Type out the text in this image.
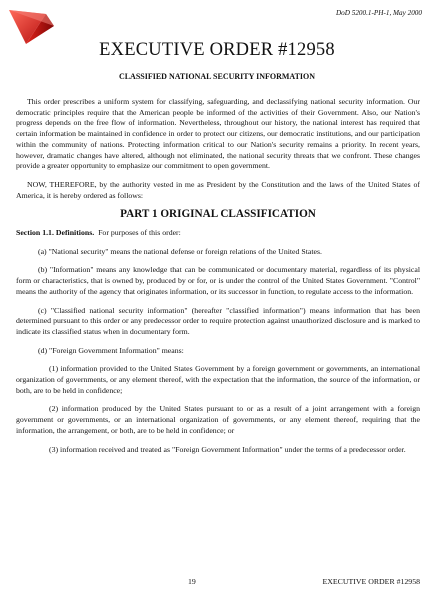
DoD 5200.1-PH-1, May 2000
EXECUTIVE ORDER #12958
CLASSIFIED NATIONAL SECURITY INFORMATION

This order prescribes a uniform system for classifying, safeguarding, and declassifying national security information. Our democratic principles require that the American people be informed of the activities of their Government. Also, our Nation's progress depends on the free flow of information. Nevertheless, throughout our history, the national interest has required that certain information be maintained in confidence in order to protect our citizens, our democratic institutions, and our participation within the community of nations. Protecting information critical to our Nation's security remains a priority. In recent years, however, dramatic changes have altered, although not eliminated, the national security threats that we confront. These changes provide a greater opportunity to emphasize our commitment to open government.

NOW, THEREFORE, by the authority vested in me as President by the Constitution and the laws of the United States of America, it is hereby ordered as follows:

PART 1 ORIGINAL CLASSIFICATION

Section 1.1. Definitions. For purposes of this order:

(a) "National security" means the national defense or foreign relations of the United States.

(b) "Information" means any knowledge that can be communicated or documentary material, regardless of its physical form or characteristics, that is owned by, produced by or for, or is under the control of the United States Government. "Control" means the authority of the agency that originates information, or its successor in function, to regulate access to the information.

(c) "Classified national security information" (hereafter "classified information") means information that has been determined pursuant to this order or any predecessor order to require protection against unauthorized disclosure and is marked to indicate its classified status when in documentary form.

(d) "Foreign Government Information" means:

(1) information provided to the United States Government by a foreign government or governments, an international organization of governments, or any element thereof, with the expectation that the information, the source of the information, or both, are to be held in confidence;

(2) information produced by the United States pursuant to or as a result of a joint arrangement with a foreign government or governments, or an international organization of governments, or any element thereof, requiring that the information, the arrangement, or both, are to be held in confidence; or

(3) information received and treated as "Foreign Government Information" under the terms of a predecessor order.

19	EXECUTIVE ORDER #12958
